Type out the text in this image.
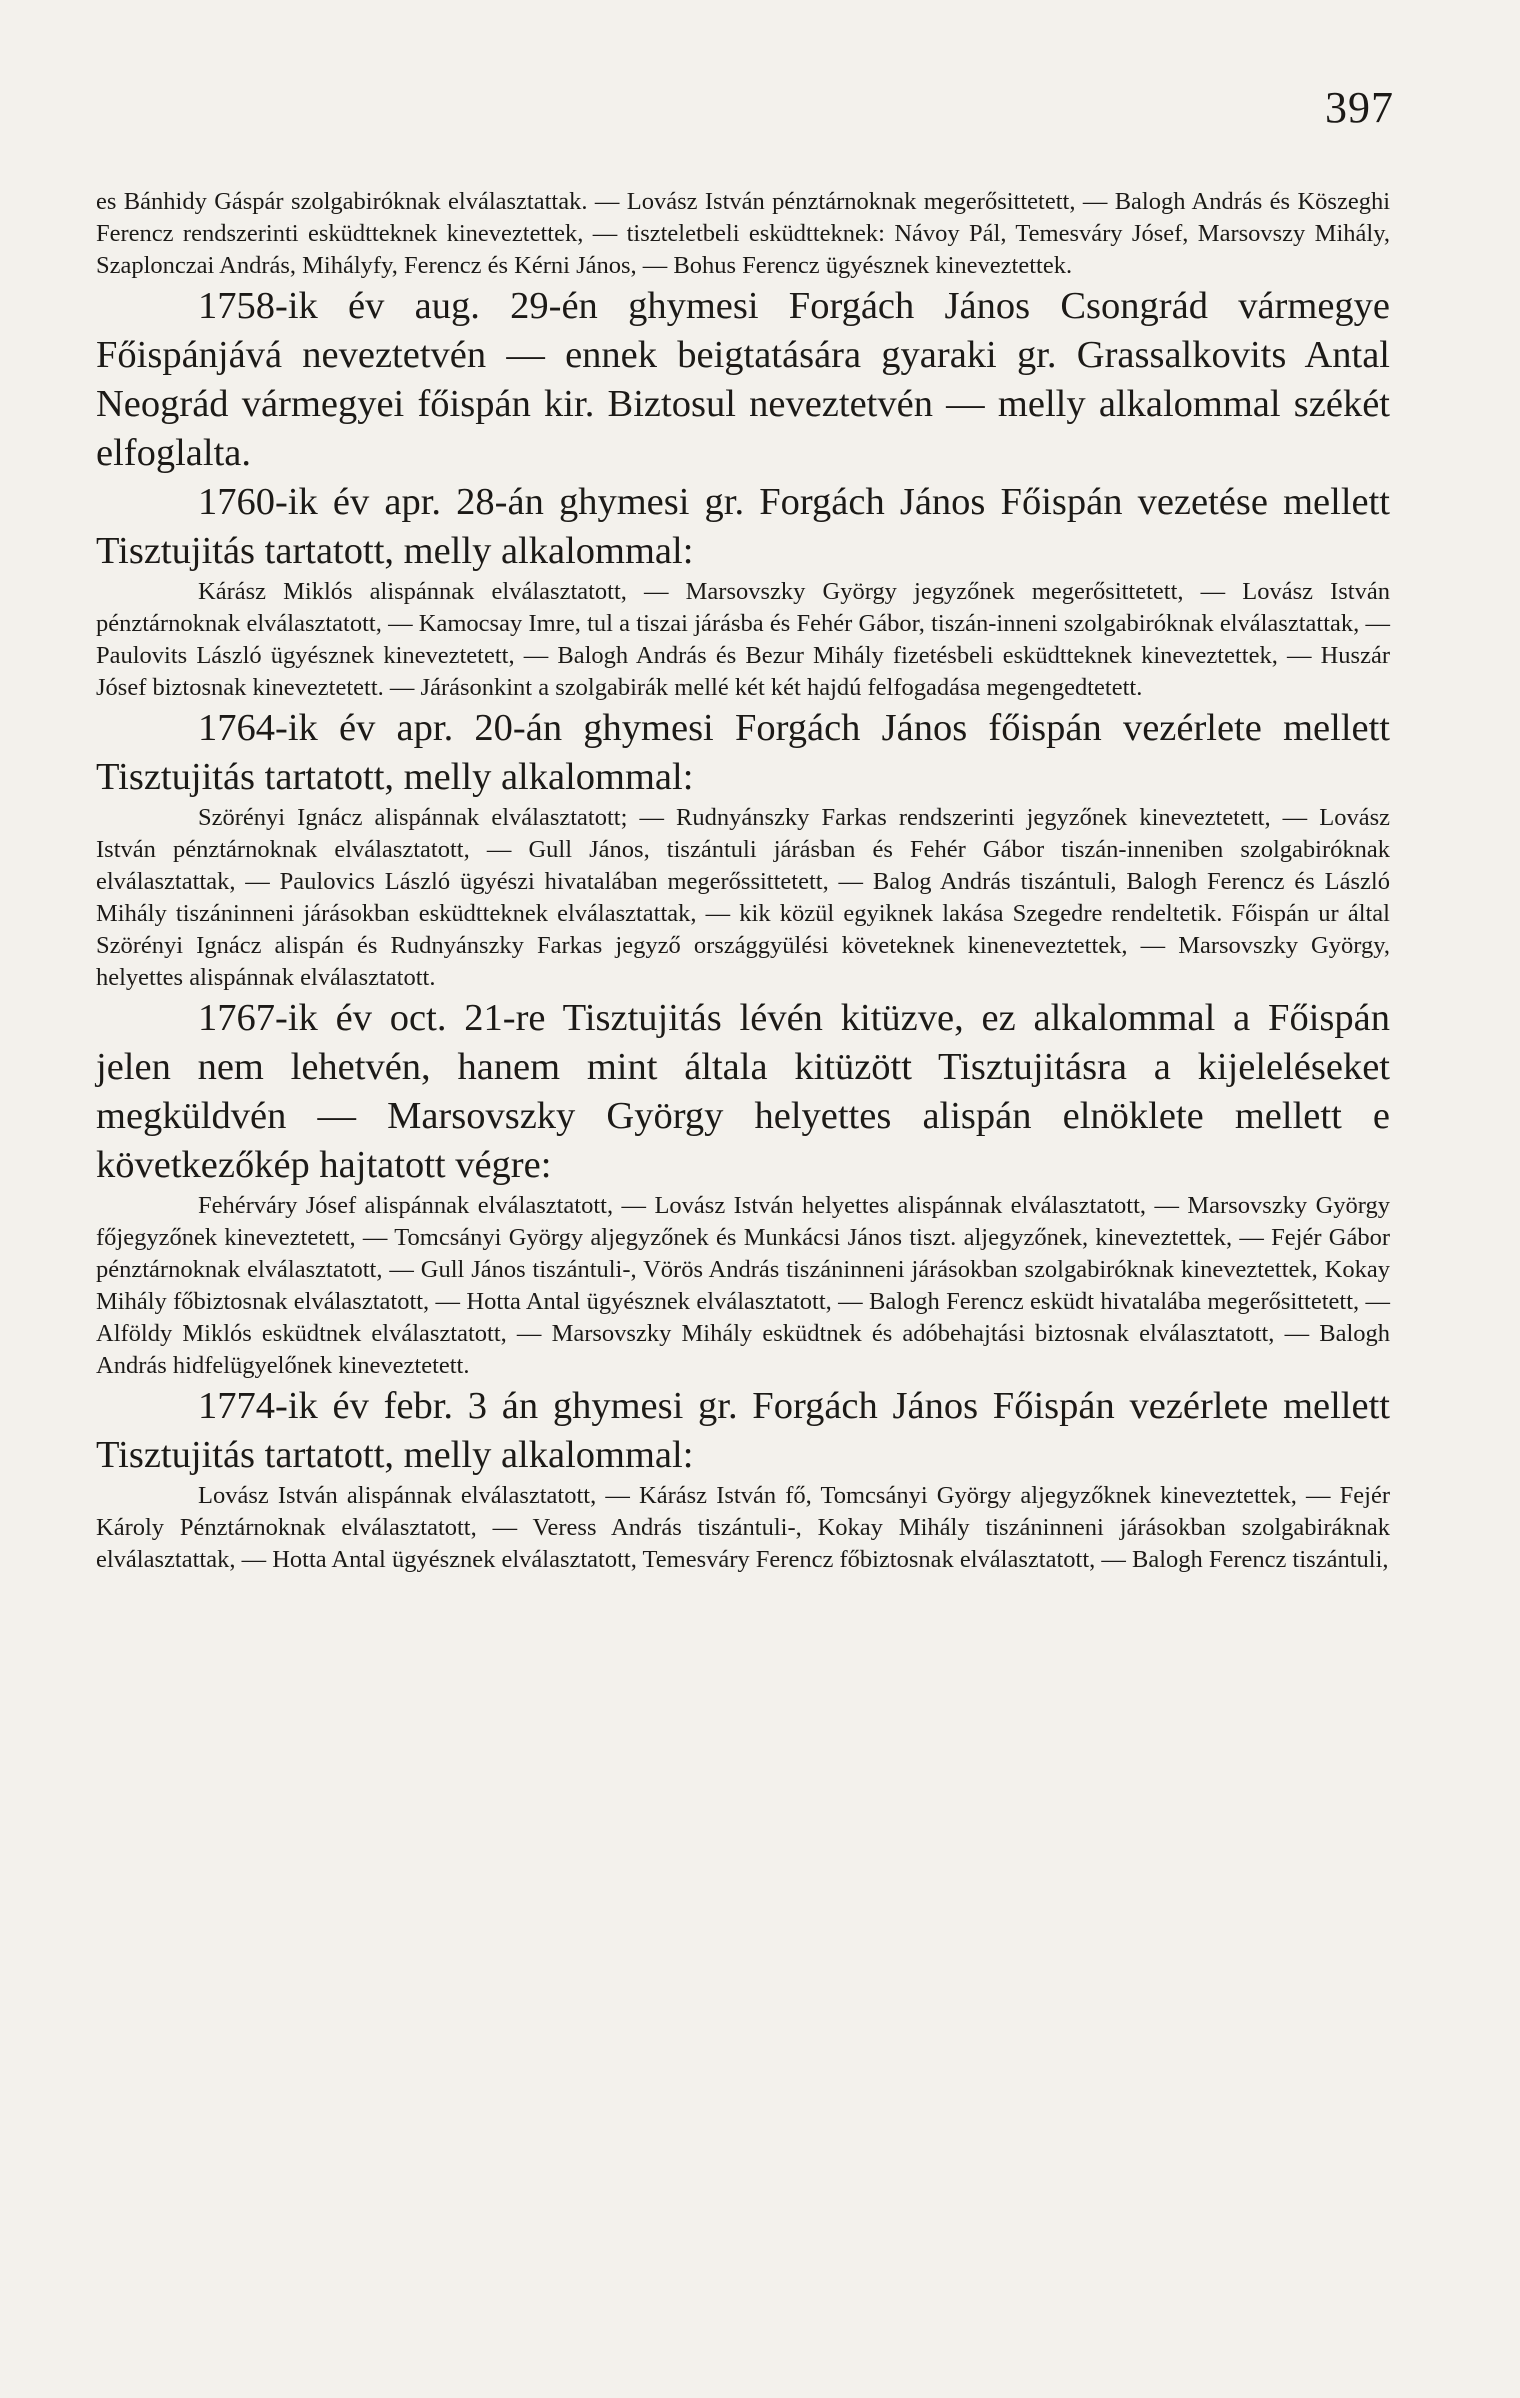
397

es Bánhidy Gáspár szolgabiróknak elválasztattak. — Lovász István pénztárnoknak megerősittetett, — Balogh András és Köszeghi Ferencz rendszerinti esküdtteknek kineveztettek, — tiszteletbeli esküdtteknek: Návoy Pál, Temesváry Jósef, Marsovszy Mihály, Szaplonczai András, Mihályfy, Ferencz és Kérni János, — Bohus Ferencz ügyésznek kineveztettek.

1758-ik év aug. 29-én ghymesi Forgách János Csongrád vármegye Főispánjává neveztetvén — ennek beigtatására gyaraki gr. Grassalkovits Antal Neográd vármegyei főispán kir. Biztosul neveztetvén — melly alkalommal székét elfoglalta.

1760-ik év apr. 28-án ghymesi gr. Forgách János Főispán vezetése mellett Tisztujitás tartatott, melly alkalommal:

Kárász Miklós alispánnak elválasztatott, — Marsovszky György jegyzőnek megerősittetett, — Lovász István pénztárnoknak elválasztatott, — Kamocsay Imre, tul a tiszai járásba és Fehér Gábor, tiszán-inneni szolgabiróknak elválasztattak, — Paulovits László ügyésznek kineveztetett, — Balogh András és Bezur Mihály fizetésbeli esküdtteknek kineveztettek, — Huszár Jósef biztosnak kineveztetett. — Járásonkint a szolgabirák mellé két két hajdú felfogadása megengedtetett.

1764-ik év apr. 20-án ghymesi Forgách János főispán vezérlete mellett Tisztujitás tartatott, melly alkalommal:

Szörényi Ignácz alispánnak elválasztatott; — Rudnyánszky Farkas rendszerinti jegyzőnek kineveztetett, — Lovász István pénztárnoknak elválasztatott, — Gull János, tiszántuli járásban és Fehér Gábor tiszán-inneniben szolgabiróknak elválasztattak, — Paulovics László ügyészi hivatalában megerőssittetett, — Balog András tiszántuli, Balogh Ferencz és László Mihály tiszáninneni járásokban esküdtteknek elválasztattak, — kik közül egyiknek lakása Szegedre rendeltetik. Főispán ur által Szörényi Ignácz alispán és Rudnyánszky Farkas jegyző országgyülési követeknek kineneveztettek, — Marsovszky György, helyettes alispánnak elválasztatott.

1767-ik év oct. 21-re Tisztujitás lévén kitüzve, ez alkalommal a Főispán jelen nem lehetvén, hanem mint általa kitüzött Tisztujitásra a kijeleléseket megküldvén — Marsovszky György helyettes alispán elnöklete mellett e következőkép hajtatott végre:

Fehérváry Jósef alispánnak elválasztatott, — Lovász István helyettes alispánnak elválasztatott, — Marsovszky György főjegyzőnek kineveztetett, — Tomcsányi György aljegyzőnek és Munkácsi János tiszt. aljegyzőnek, kineveztettek, — Fejér Gábor pénztárnoknak elválasztatott, — Gull János tiszántuli-, Vörös András tiszáninneni járásokban szolgabiróknak kineveztettek, Kokay Mihály főbiztosnak elválasztatott, — Hotta Antal ügyésznek elválasztatott, — Balogh Ferencz esküdt hivatalába megerősittetett, — Alföldy Miklós esküdtnek elválasztatott, — Marsovszky Mihály esküdtnek és adóbehajtási biztosnak elválasztatott, — Balogh András hidfelügyelőnek kineveztetett.

1774-ik év febr. 3 án ghymesi gr. Forgách János Főispán vezérlete mellett Tisztujitás tartatott, melly alkalommal:

Lovász István alispánnak elválasztatott, — Kárász István fő, Tomcsányi György aljegyzőknek kineveztettek, — Fejér Károly Pénztárnoknak elválasztatott, — Veress András tiszántuli-, Kokay Mihály tiszáninneni járásokban szolgabiráknak elválasztattak, — Hotta Antal ügyésznek elválasztatott, Temesváry Ferencz főbiztosnak elválasztatott, — Balogh Ferencz tiszántuli,
